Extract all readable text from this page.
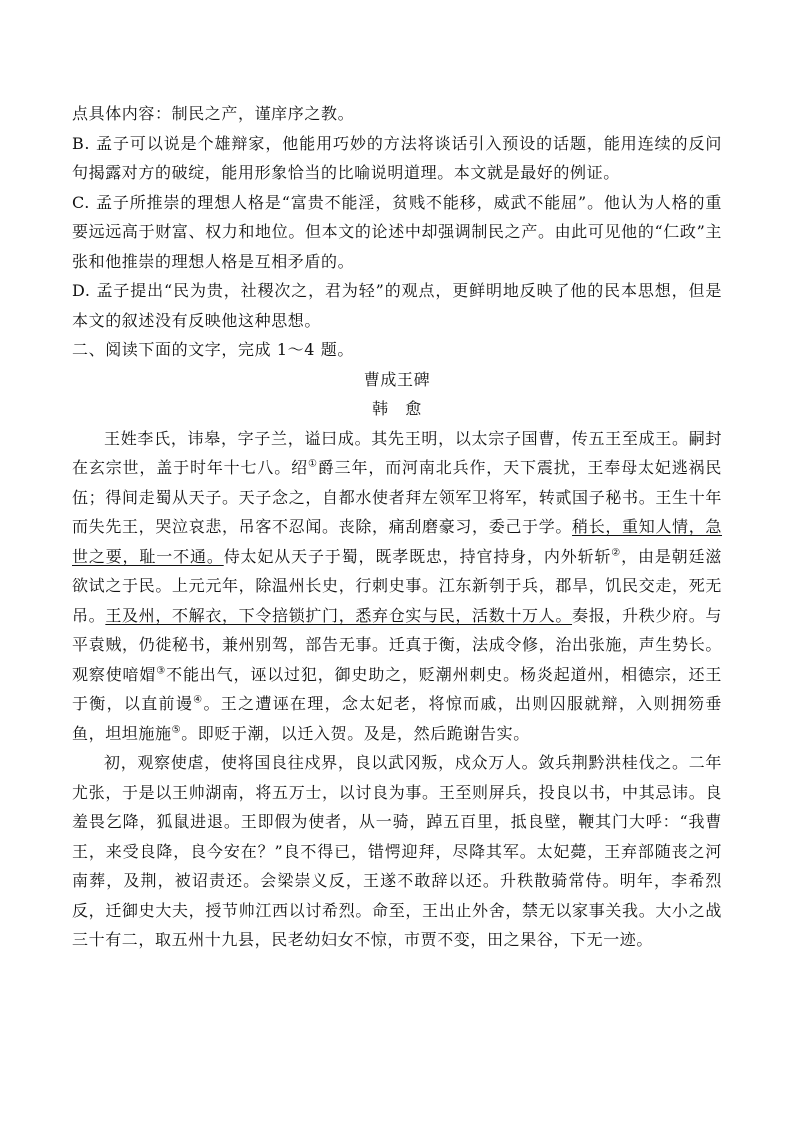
点具体内容：制民之产，谨庠序之教。

B. 孟子可以说是个雄辩家，他能用巧妙的方法将谈话引入预设的话题，能用连续的反问句揭露对方的破绽，能用形象恰当的比喻说明道理。本文就是最好的例证。

C. 孟子所推崇的理想人格是“富贵不能淫，贫贱不能移，威武不能屈”。他认为人格的重要远远高于财富、权力和地位。但本文的论述中却强调制民之产。由此可见他的“仁政”主张和他推崇的理想人格是互相矛盾的。

D. 孟子提出“民为贵，社稷次之，君为轻”的观点，更鲜明地反映了他的民本思想，但是本文的叙述没有反映他这种思想。

二、阅读下面的文字，完成 1～4 题。

曹成王碑

韩　愈

王姓李氏，讳皋，字子兰，谥曰成。其先王明，以太宗子国曹，传五王至成王。嗣封在玄宗世，盖于时年十七八。绍①爵三年，而河南北兵作，天下震扰，王奉母太妃逃祸民伍；得间走蜀从天子。天子念之，自都水使者拜左领军卫将军，转贰国子秘书。王生十年而失先王，哭泣哀悲，吊客不忍闻。丧除，痛刮磨豪习，委己于学。稍长，重知人情，急世之要，耻一不通。侍太妃从天子于蜀，既孝既忠，持官持身，内外斩斩②，由是朝廷滋欲试之于民。上元元年，除温州长史，行刺史事。江东新刳于兵，郡旱，饥民交走，死无吊。王及州，不解衣，下令掊锁扩门，悉弃仓实与民，活数十万人。奏报，升秩少府。与平袁贼，仍徙秘书，兼州别驾，部告无事。迁真于衡，法成令修，治出张施，声生势长。观察使喑媢③不能出气，诬以过犯，御史助之，贬潮州刺史。杨炎起道州，相德宗，还王于衡，以直前谩④。王之遭诬在理，念太妃老，将惊而戚，出则囚服就辩，入则拥笏垂鱼，坦坦施施⑤。即贬于潮，以迁入贺。及是，然后跪谢告实。

初，观察使虐，使将国良往戍界，良以武冈叛，戍众万人。敛兵荆黔洪桂伐之。二年尤张，于是以王帅湖南，将五万士，以讨良为事。王至则屏兵，投良以书，中其忌讳。良羞畏乞降，狐鼠进退。王即假为使者，从一骑，踔五百里，抵良壁，鞭其门大呼：“我曹王，来受良降，良今安在？”良不得已，错愕迎拜，尽降其军。太妃薨，王弃部随丧之河南葬，及荆，被诏责还。会梁崇义反，王遂不敢辞以还。升秩散骑常侍。明年，李希烈反，迁御史大夫，授节帅江西以讨希烈。命至，王出止外舍，禁无以家事关我。大小之战三十有二，取五州十九县，民老幼妇女不惊，市贾不变，田之果谷，下无一迹。
